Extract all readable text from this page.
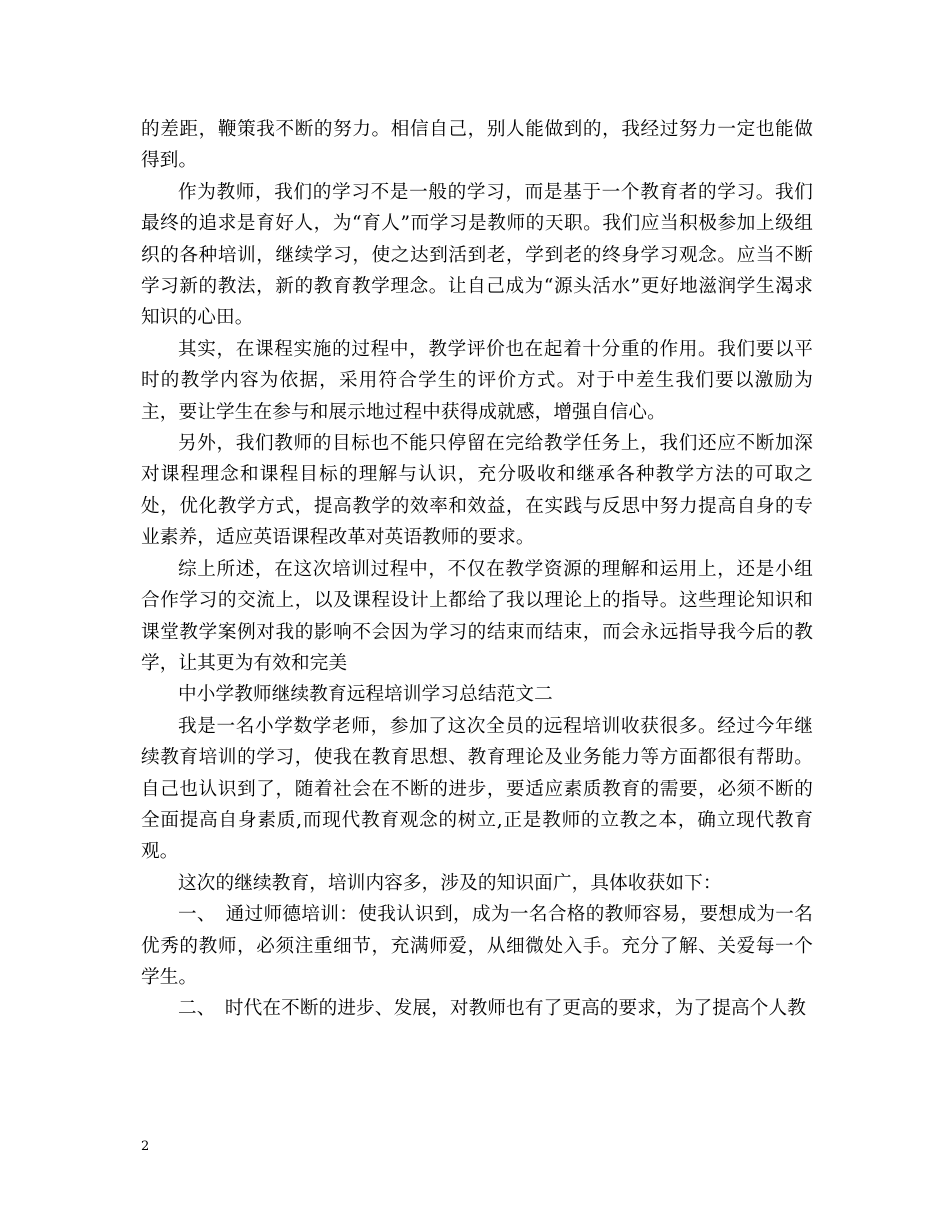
的差距，鞭策我不断的努力。相信自己，别人能做到的，我经过努力一定也能做得到。

作为教师，我们的学习不是一般的学习，而是基于一个教育者的学习。我们最终的追求是育好人，为“育人”而学习是教师的天职。我们应当积极参加上级组织的各种培训，继续学习，使之达到活到老，学到老的终身学习观念。应当不断学习新的教法，新的教育教学理念。让自己成为“源头活水”更好地滋润学生渴求知识的心田。

其实，在课程实施的过程中，教学评价也在起着十分重的作用。我们要以平时的教学内容为依据，采用符合学生的评价方式。对于中差生我们要以激励为主，要让学生在参与和展示地过程中获得成就感，增强自信心。

另外，我们教师的目标也不能只停留在完给教学任务上，我们还应不断加深对课程理念和课程目标的理解与认识，充分吸收和继承各种教学方法的可取之处，优化教学方式，提高教学的效率和效益，在实践与反思中努力提高自身的专业素养，适应英语课程改革对英语教师的要求。

综上所述，在这次培训过程中，不仅在教学资源的理解和运用上，还是小组合作学习的交流上，以及课程设计上都给了我以理论上的指导。这些理论知识和课堂教学案例对我的影响不会因为学习的结束而结束，而会永远指导我今后的教学，让其更为有效和完美

中小学教师继续教育远程培训学习总结范文二

我是一名小学数学老师，参加了这次全员的远程培训收获很多。经过今年继续教育培训的学习，使我在教育思想、教育理论及业务能力等方面都很有帮助。自己也认识到了，随着社会在不断的进步，要适应素质教育的需要，必须不断的全面提高自身素质,而现代教育观念的树立,正是教师的立教之本，确立现代教育观。

这次的继续教育，培训内容多，涉及的知识面广，具体收获如下：

一、　通过师德培训：使我认识到，成为一名合格的教师容易，要想成为一名优秀的教师，必须注重细节，充满师爱，从细微处入手。充分了解、关爱每一个学生。

二、　时代在不断的进步、发展，对教师也有了更高的要求，为了提高个人教

2
